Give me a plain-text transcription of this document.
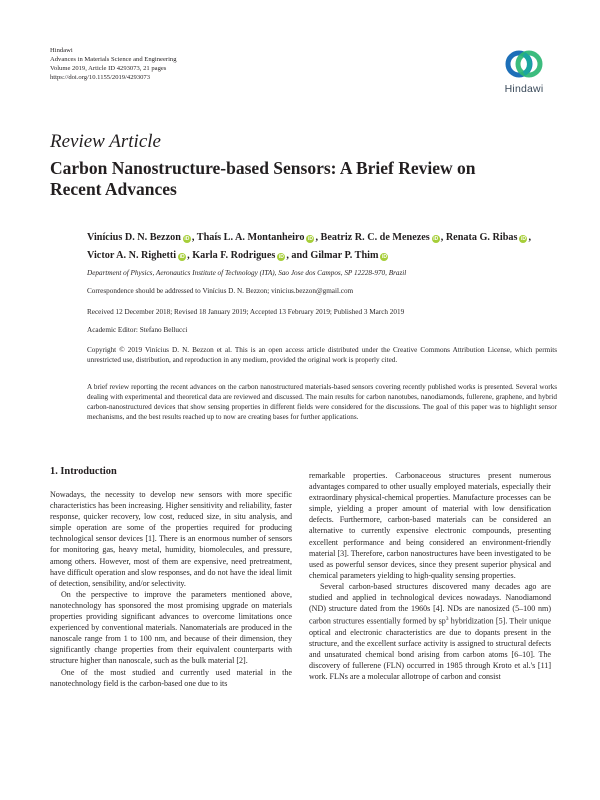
Hindawi
Advances in Materials Science and Engineering
Volume 2019, Article ID 4293073, 21 pages
https://doi.org/10.1155/2019/4293073
Hindawi
Review Article
Carbon Nanostructure-based Sensors: A Brief Review on Recent Advances
Vinícius D. N. Bezzon iD , Thaís L. A. Montanheiro iD , Beatriz R. C. de Menezes iD , Renata G. Ribas iD , Victor A. N. Righetti iD , Karla F. Rodrigues iD , and Gilmar P. Thim iD
Department of Physics, Aeronautics Institute of Technology (ITA), Sao Jose dos Campos, SP 12228-970, Brazil
Correspondence should be addressed to Vinícius D. N. Bezzon; vinicius.bezzon@gmail.com
Received 12 December 2018; Revised 18 January 2019; Accepted 13 February 2019; Published 3 March 2019
Academic Editor: Stefano Bellucci
Copyright © 2019 Vinícius D. N. Bezzon et al. This is an open access article distributed under the Creative Commons Attribution License, which permits unrestricted use, distribution, and reproduction in any medium, provided the original work is properly cited.
A brief review reporting the recent advances on the carbon nanostructured materials-based sensors covering recently published works is presented. Several works dealing with experimental and theoretical data are reviewed and discussed. The main results for carbon nanotubes, nanodiamonds, fullerene, graphene, and hybrid carbon-nanostructured devices that show sensing properties in different fields were considered for the discussions. The goal of this paper was to highlight sensor mechanisms, and the best results reached up to now are creating bases for further applications.
1. Introduction

Nowadays, the necessity to develop new sensors with more specific characteristics has been increasing. Higher sensitivity and reliability, faster response, quicker recovery, low cost, reduced size, in situ analysis, and simple operation are some of the properties required for producing technological sensor devices [1]. There is an enormous number of sensors for monitoring gas, heavy metal, humidity, biomolecules, and pressure, among others. However, most of them are expensive, need pretreatment, have difficult operation and slow responses, and do not have the ideal limit of detection, sensibility, and/or selectivity.

On the perspective to improve the parameters mentioned above, nanotechnology has sponsored the most promising upgrade on materials properties providing significant advances to overcome limitations once experienced by conventional materials. Nanomaterials are produced in the nanoscale range from 1 to 100 nm, and because of their dimension, they significantly change properties from their equivalent counterparts with structure higher than nanoscale, such as the bulk material [2].

One of the most studied and currently used material in the nanotechnology field is the carbon-based one due to its

remarkable properties. Carbonaceous structures present numerous advantages compared to other usually employed materials, especially their extraordinary physical-chemical properties. Manufacture processes can be simple, yielding a proper amount of material with low densification defects. Furthermore, carbon-based materials can be considered an alternative to currently expensive electronic compounds, presenting excellent performance and being considered an environment-friendly material [3]. Therefore, carbon nanostructures have been investigated to be used as powerful sensor devices, since they present superior physical and chemical parameters yielding to high-quality sensing properties.

Several carbon-based structures discovered many decades ago are studied and applied in technological devices nowadays. Nanodiamond (ND) structure dated from the 1960s [4]. NDs are nanosized (5–100 nm) carbon structures essentially formed by $sp^3$ hybridization [5]. Their unique optical and electronic characteristics are due to dopants present in the structure, and the excellent surface activity is assigned to structural defects and unsaturated chemical bond arising from carbon atoms [6–10]. The discovery of fullerene (FLN) occurred in 1985 through Kroto et al.'s [11] work. FLNs are a molecular allotrope of carbon and consist
